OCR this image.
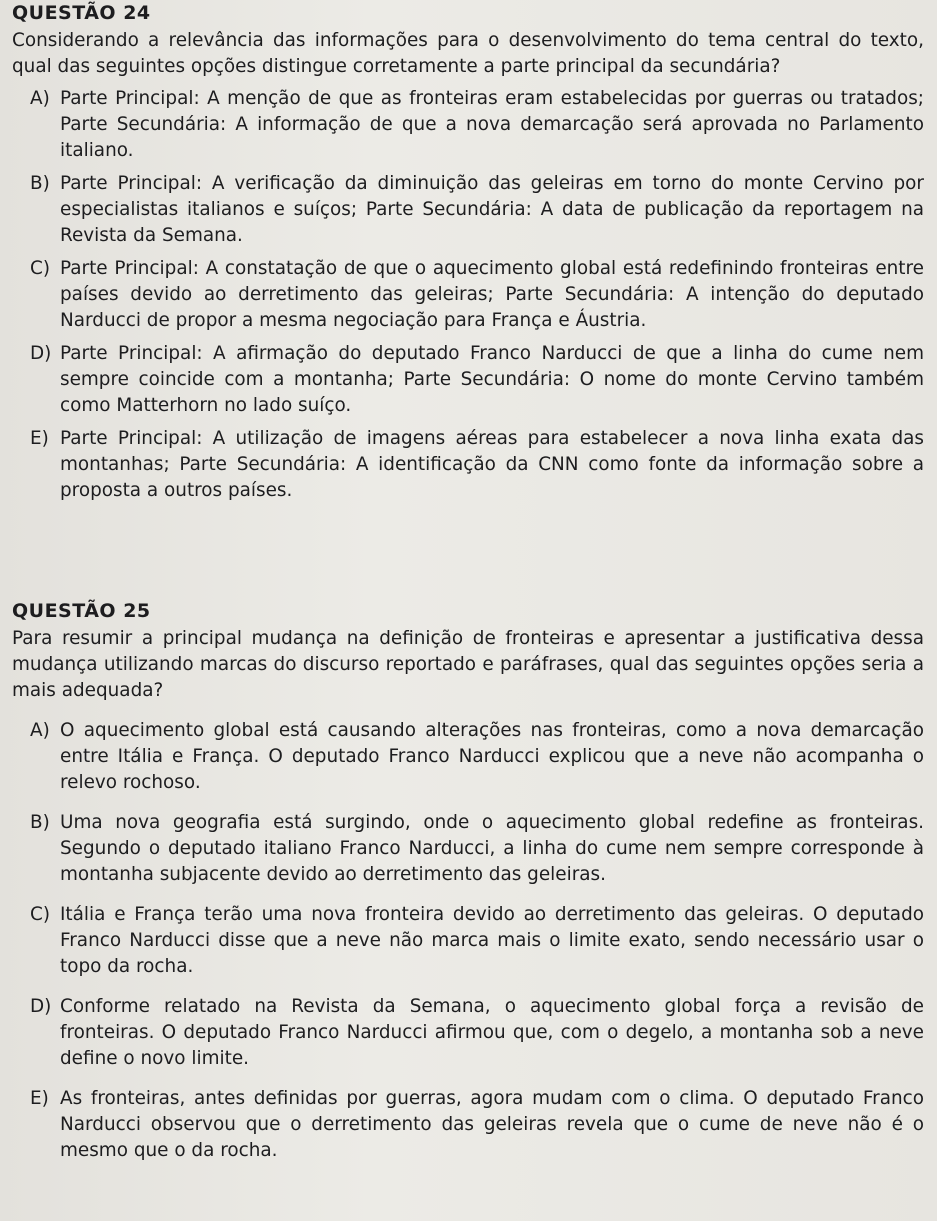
QUESTÃO 24

Considerando a relevância das informações para o desenvolvimento do tema central do texto, qual das seguintes opções distingue corretamente a parte principal da secundária?

A) Parte Principal: A menção de que as fronteiras eram estabelecidas por guerras ou tratados; Parte Secundária: A informação de que a nova demarcação será aprovada no Parlamento italiano.
B) Parte Principal: A verificação da diminuição das geleiras em torno do monte Cervino por especialistas italianos e suíços; Parte Secundária: A data de publicação da reportagem na Revista da Semana.
C) Parte Principal: A constatação de que o aquecimento global está redefinindo fronteiras entre países devido ao derretimento das geleiras; Parte Secundária: A intenção do deputado Narducci de propor a mesma negociação para França e Áustria.
D) Parte Principal: A afirmação do deputado Franco Narducci de que a linha do cume nem sempre coincide com a montanha; Parte Secundária: O nome do monte Cervino também como Matterhorn no lado suíço.
E) Parte Principal: A utilização de imagens aéreas para estabelecer a nova linha exata das montanhas; Parte Secundária: A identificação da CNN como fonte da informação sobre a proposta a outros países.
QUESTÃO 25

Para resumir a principal mudança na definição de fronteiras e apresentar a justificativa dessa mudança utilizando marcas do discurso reportado e paráfrases, qual das seguintes opções seria a mais adequada?

A) O aquecimento global está causando alterações nas fronteiras, como a nova demarcação entre Itália e França. O deputado Franco Narducci explicou que a neve não acompanha o relevo rochoso.
B) Uma nova geografia está surgindo, onde o aquecimento global redefine as fronteiras. Segundo o deputado italiano Franco Narducci, a linha do cume nem sempre corresponde à montanha subjacente devido ao derretimento das geleiras.
C) Itália e França terão uma nova fronteira devido ao derretimento das geleiras. O deputado Franco Narducci disse que a neve não marca mais o limite exato, sendo necessário usar o topo da rocha.
D) Conforme relatado na Revista da Semana, o aquecimento global força a revisão de fronteiras. O deputado Franco Narducci afirmou que, com o degelo, a montanha sob a neve define o novo limite.
E) As fronteiras, antes definidas por guerras, agora mudam com o clima. O deputado Franco Narducci observou que o derretimento das geleiras revela que o cume de neve não é o mesmo que o da rocha.
